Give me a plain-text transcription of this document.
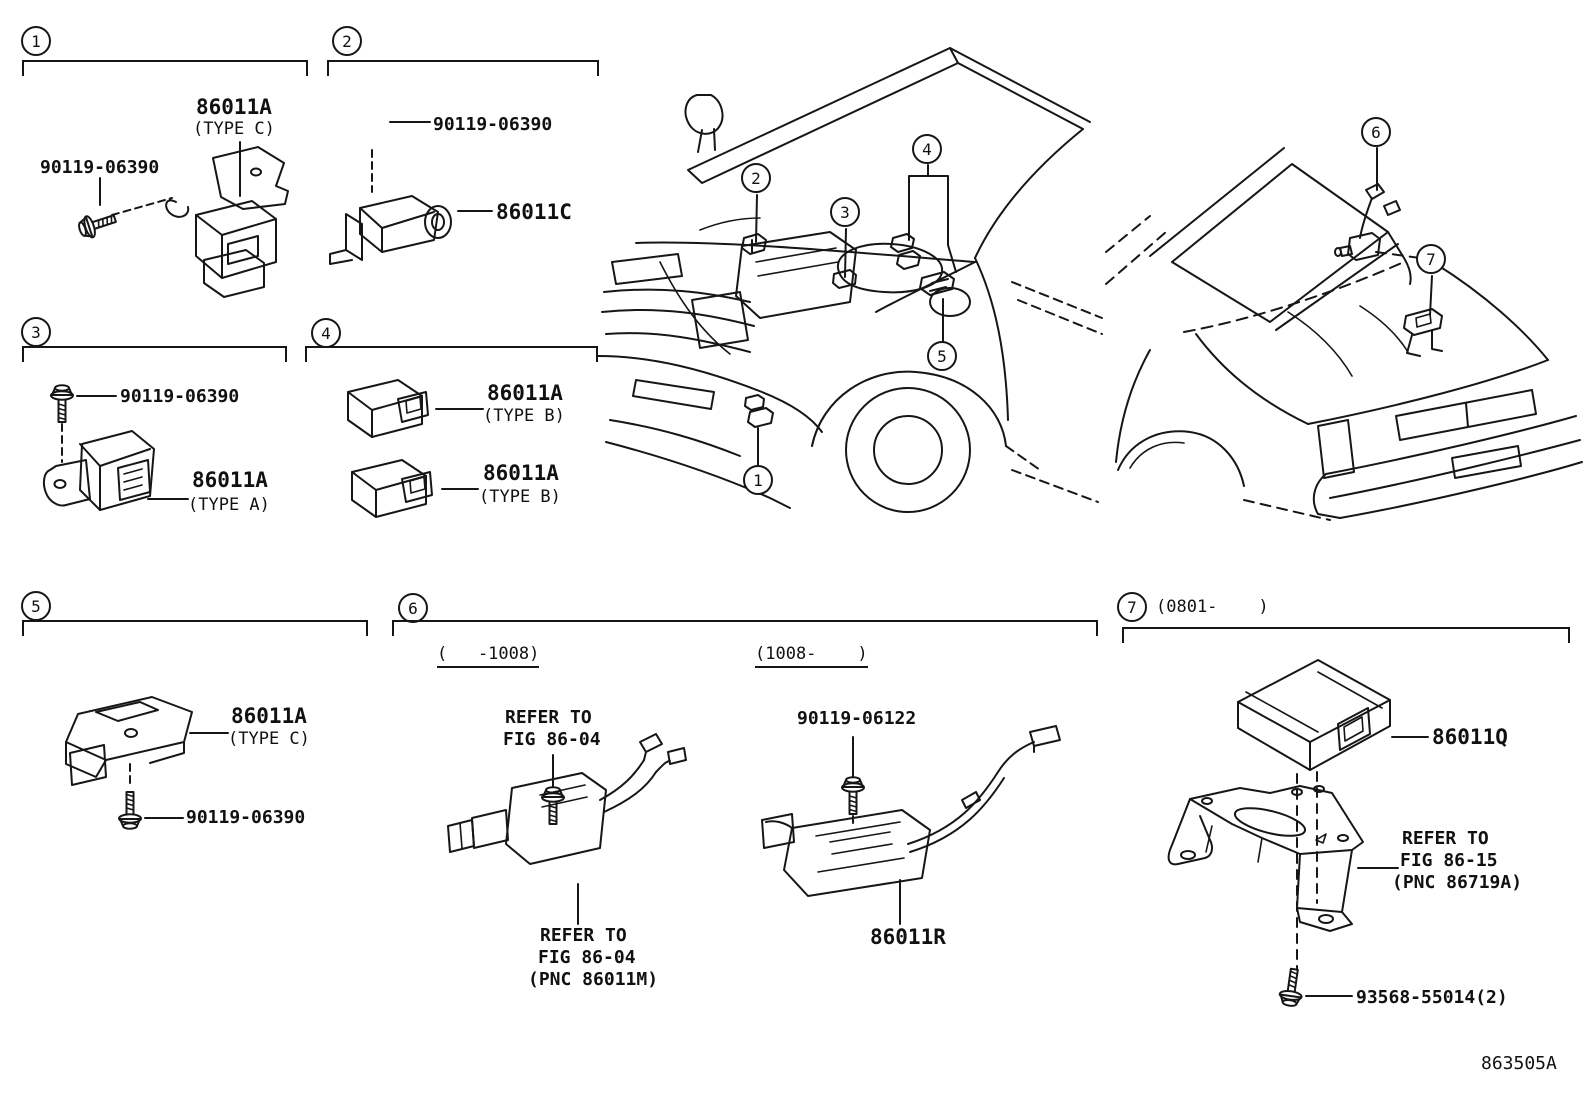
1	2
3	4
5	6	7
1
2
3
4
5
6
7
86011A
(TYPE C)
90119-06390
90119-06390
86011C
90119-06390
86011A
(TYPE A)
86011A
(TYPE B)
86011A
(TYPE B)
86011A
(TYPE C)
90119-06390
(   -1008)	(1008-    )
REFER TO
FIG 86-04
REFER TO
FIG 86-04
(PNC 86011M)
90119-06122
86011R
(0801-    )
86011Q
REFER TO
FIG 86-15
(PNC 86719A)
93568-55014(2)
863505A
